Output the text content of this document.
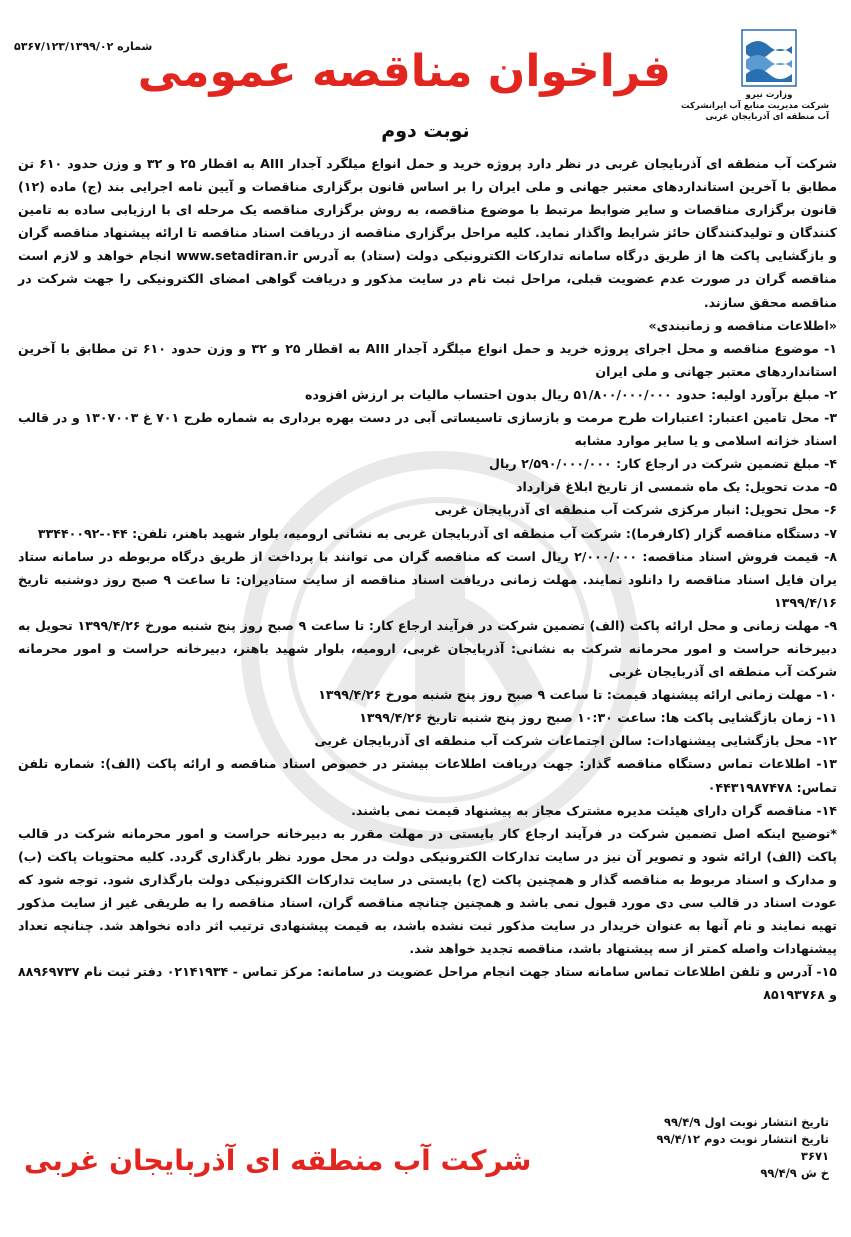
شماره ۵۳۶۷/۱۲۳/۱۳۹۹/۰۲
وزارت نیرو
شرکت مدیریت منابع آب ایرانشرکت
آب منطقه ای آذربایجان غربی
فراخوان مناقصه عمومی
نوبت دوم

شرکت آب منطقه ای آذربایجان غربی در نظر دارد پروژه خرید و حمل انواع میلگرد آجدار AIII به اقطار ۲۵ و ۳۲ و وزن حدود ۶۱۰ تن مطابق با آخرین استانداردهای معتبر جهانی و ملی ایران را بر اساس قانون برگزاری مناقصات و آیین نامه اجرایی بند (ج) ماده (۱۲) قانون برگزاری مناقصات و سایر ضوابط مرتبط با موضوع مناقصه، به روش برگزاری مناقصه یک مرحله ای با ارزیابی ساده به تامین کنندگان و تولیدکنندگان حائز شرایط واگذار نماید. کلیه مراحل برگزاری مناقصه از دریافت اسناد مناقصه تا ارائه پیشنهاد مناقصه گران و بازگشایی پاکت ها از طریق درگاه سامانه تدارکات الکترونیکی دولت (ستاد) به آدرس www.setadiran.ir انجام خواهد و لازم است مناقصه گران در صورت عدم عضویت قبلی، مراحل ثبت نام در سایت مذکور و دریافت گواهی امضای الکترونیکی را جهت شرکت در مناقصه محقق سازند.

«اطلاعات مناقصه و زمانبندی»

۱- موضوع مناقصه و محل اجرای پروژه خرید و حمل انواع میلگرد آجدار AIII به اقطار ۲۵ و ۳۲ و وزن حدود ۶۱۰ تن مطابق با آخرین استانداردهای معتبر جهانی و ملی ایران

۲- مبلغ برآورد اولیه: حدود ۵۱/۸۰۰/۰۰۰/۰۰۰ ریال بدون احتساب مالیات بر ارزش افزوده

۳- محل تامین اعتبار: اعتبارات طرح مرمت و بازسازی تاسیساتی آبی در دست بهره برداری به شماره طرح ۷۰۱ غ ۱۳۰۷۰۰۳ و در قالب اسناد خزانه اسلامی و یا سایر موارد مشابه

۴- مبلغ تضمین شرکت در ارجاع کار: ۲/۵۹۰/۰۰۰/۰۰۰ ریال

۵- مدت تحویل: یک ماه شمسی از تاریخ ابلاغ قرارداد

۶- محل تحویل: انبار مرکزی شرکت آب منطقه ای آذربایجان غربی

۷- دستگاه مناقصه گزار (کارفرما): شرکت آب منطقه ای آذربایجان غربی به نشانی ارومیه، بلوار شهید باهنر، تلفن: ۰۴۴-۳۳۴۴۰۰۹۲

۸- قیمت فروش اسناد مناقصه: ۲/۰۰۰/۰۰۰ ریال است که مناقصه گران می توانند با پرداخت از طریق درگاه مربوطه در سامانه ستاد یران فایل اسناد مناقصه را دانلود نمایند. مهلت زمانی دریافت اسناد مناقصه از سایت ستادیران: تا ساعت ۹ صبح روز دوشنبه تاریخ ۱۳۹۹/۴/۱۶

۹- مهلت زمانی و محل ارائه پاکت (الف) تضمین شرکت در فرآیند ارجاع کار: تا ساعت ۹ صبح روز پنج شنبه مورخ ۱۳۹۹/۴/۲۶ تحویل به دبیرخانه حراست و امور محرمانه شرکت به نشانی: آذربایجان غربی، ارومیه، بلوار شهید باهنر، دبیرخانه حراست و امور محرمانه شرکت آب منطقه ای آذربایجان غربی

۱۰- مهلت زمانی ارائه پیشنهاد قیمت: تا ساعت ۹ صبح روز پنج شنبه مورخ ۱۳۹۹/۴/۲۶

۱۱- زمان بازگشایی پاکت ها: ساعت ۱۰:۳۰ صبح روز پنج شنبه تاریخ ۱۳۹۹/۴/۲۶

۱۲- محل بازگشایی پیشنهادات: سالن اجتماعات شرکت آب منطقه ای آذربایجان غربی

۱۳- اطلاعات تماس دستگاه مناقصه گذار: جهت دریافت اطلاعات بیشتر در خصوص اسناد مناقصه و ارائه پاکت (الف): شماره تلفن تماس: ۰۴۴۳۱۹۸۷۴۷۸

۱۴- مناقصه گران دارای هیئت مدیره مشترک مجاز به پیشنهاد قیمت نمی باشند.

*توضیح اینکه اصل تضمین شرکت در فرآیند ارجاع کار بایستی در مهلت مقرر به دبیرخانه حراست و امور محرمانه شرکت در قالب پاکت (الف) ارائه شود و تصویر آن نیز در سایت تدارکات الکترونیکی دولت در محل مورد نظر بارگذاری گردد. کلیه محتویات پاکت (ب) و مدارک و اسناد مربوط به مناقصه گذار و همچنین پاکت (ج) بایستی در سایت تدارکات الکترونیکی دولت بارگذاری شود. توجه شود که عودت اسناد در قالب سی دی مورد قبول نمی باشد و همچنین چنانچه مناقصه گران، اسناد مناقصه را به طریقی غیر از سایت مذکور تهیه نمایند و نام آنها به عنوان خریدار در سایت مذکور ثبت نشده باشد، به قیمت پیشنهادی ترتیب اثر داده نخواهد شد. چنانچه تعداد پیشنهادات واصله کمتر از سه پیشنهاد باشد، مناقصه تجدید خواهد شد.

۱۵- آدرس و تلفن اطلاعات تماس سامانه ستاد جهت انجام مراحل عضویت در سامانه: مرکز تماس - ۰۲۱۴۱۹۳۴ دفتر ثبت نام ۸۸۹۶۹۷۳۷ و ۸۵۱۹۳۷۶۸

تاریخ انتشار نوبت اول ۹۹/۴/۹
تاریخ انتشار نوبت دوم ۹۹/۴/۱۲
۳۶۷۱
خ ش ۹۹/۴/۹
شرکت آب منطقه ای آذربایجان غربی
